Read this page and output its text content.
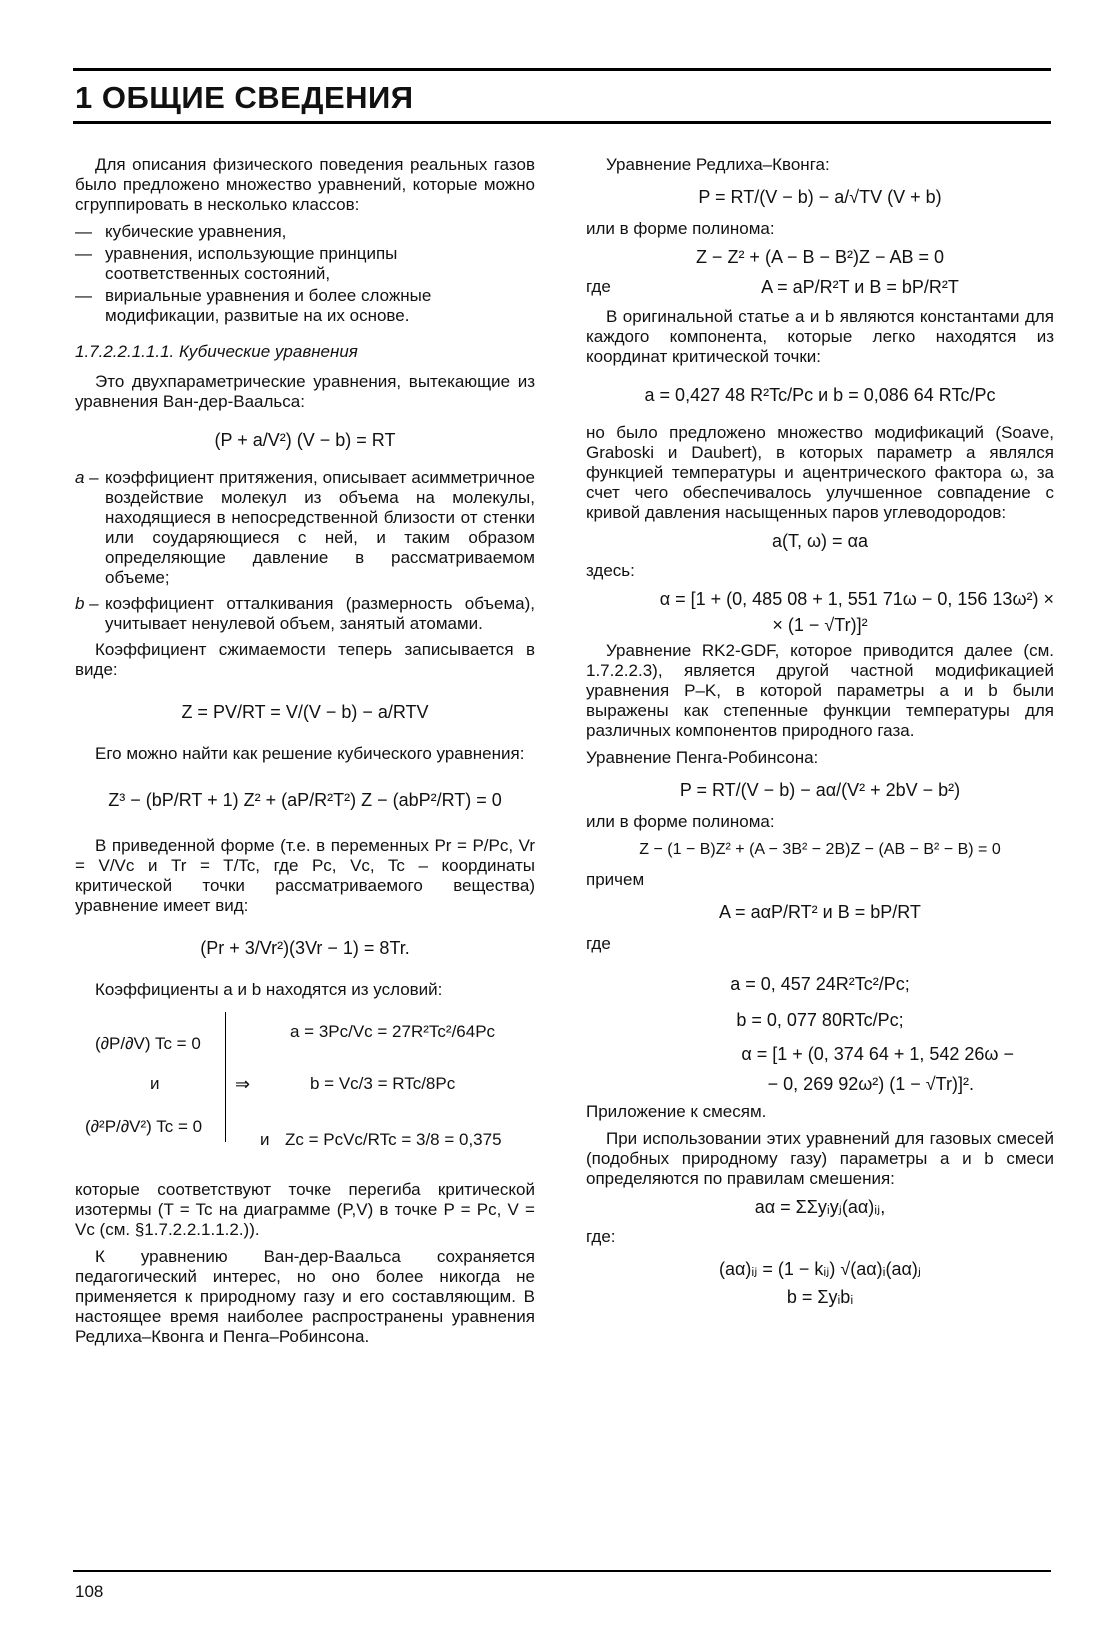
1 ОБЩИЕ СВЕДЕНИЯ

Для описания физического поведения реальных газов было предложено множество уравнений, которые можно сгруппировать в несколько классов:

— кубические уравнения,
— уравнения, использующие принципы соответственных состояний,
— вириальные уравнения и более сложные модификации, развитые на их основе.

1.7.2.2.1.1.1. Кубические уравнения

Это двухпараметрические уравнения, вытекающие из уравнения Ван-дер-Ваальса:

(P + a/V²) (V − b) = RT
a – коэффициент притяжения, описывает асимметричное воздействие молекул из объема на молекулы, находящиеся в непосредственной близости от стенки или соударяющиеся с ней, и таким образом определяющие давление в рассматриваемом объеме;
b – коэффициент отталкивания (размерность объема), учитывает ненулевой объем, занятый атомами.

Коэффициент сжимаемости теперь записывается в виде:

Z = PV/RT = V/(V − b) − a/RTV

Его можно найти как решение кубического уравнения:

Z³ − (bP/RT + 1) Z² + (aP/R²T²) Z − (abP²/RT) = 0

В приведенной форме (т.е. в переменных Pr = P/Pc, Vr = V/Vc и Tr = T/Tc, где Pc, Vc, Tc – координаты критической точки рассматриваемого вещества) уравнение имеет вид:

(Pr + 3/Vr²)(3Vr − 1) = 8Tr.

Коэффициенты a и b находятся из условий:

(∂P/∂V) Tc = 0
и
(∂²P/∂V²) Tc = 0
⇒
a = 3Pc/Vc = 27R²Tc²/64Pc
b = Vc/3 = RTc/8Pc
и Zc = PcVc/RTc = 3/8 = 0,375

которые соответствуют точке перегиба критической изотермы (T = Tc на диаграмме (P,V) в точке P = Pc, V = Vc (см. §1.7.2.2.1.1.2.)).

К уравнению Ван-дер-Ваальса сохраняется педагогический интерес, но оно более никогда не применяется к природному газу и его составляющим. В настоящее время наиболее распространены уравнения Редлиха–Квонга и Пенга–Робинсона.

Уравнение Редлиха–Квонга:

P = RT/(V − b) − a/√TV (V + b)

или в форме полинома:

Z − Z² + (A − B − B²)Z − AB = 0
где	A = aP/R²T и B = bP/R²T

В оригинальной статье a и b являются константами для каждого компонента, которые легко находятся из координат критической точки:

a = 0,427 48 R²Tc/Pc и b = 0,086 64 RTc/Pc

но было предложено множество модификаций (Soave, Graboski и Daubert), в которых параметр a являлся функцией температуры и ацентрического фактора ω, за счет чего обеспечивалось улучшенное совпадение с кривой давления насыщенных паров углеводородов:

a(T, ω) = αa

здесь:

α = [1 + (0, 485 08 + 1, 551 71ω − 0, 156 13ω²) ×
× (1 − √Tr)]²

Уравнение RK2-GDF, которое приводится далее (см. 1.7.2.2.3), является другой частной модификацией уравнения P–K, в которой параметры a и b были выражены как степенные функции температуры для различных компонентов природного газа.

Уравнение Пенга-Робинсона:

P = RT/(V − b) − aα/(V² + 2bV − b²)

или в форме полинома:

Z − (1 − B)Z² + (A − 3B² − 2B)Z − (AB − B² − B) = 0

причем

A = aαP/RT² и B = bP/RT

где

a = 0, 457 24R²Tc²/Pc;
b = 0, 077 80RTc/Pc;
α = [1 + (0, 374 64 + 1, 542 26ω −
− 0, 269 92ω²) (1 − √Tr)]².

Приложение к смесям.

При использовании этих уравнений для газовых смесей (подобных природному газу) параметры a и b смеси определяются по правилам смешения:

aα = ΣΣyᵢyⱼ(aα)ᵢⱼ,

где:

(aα)ᵢⱼ = (1 − kᵢⱼ) √(aα)ᵢ(aα)ⱼ
b = Σyᵢbᵢ
108
